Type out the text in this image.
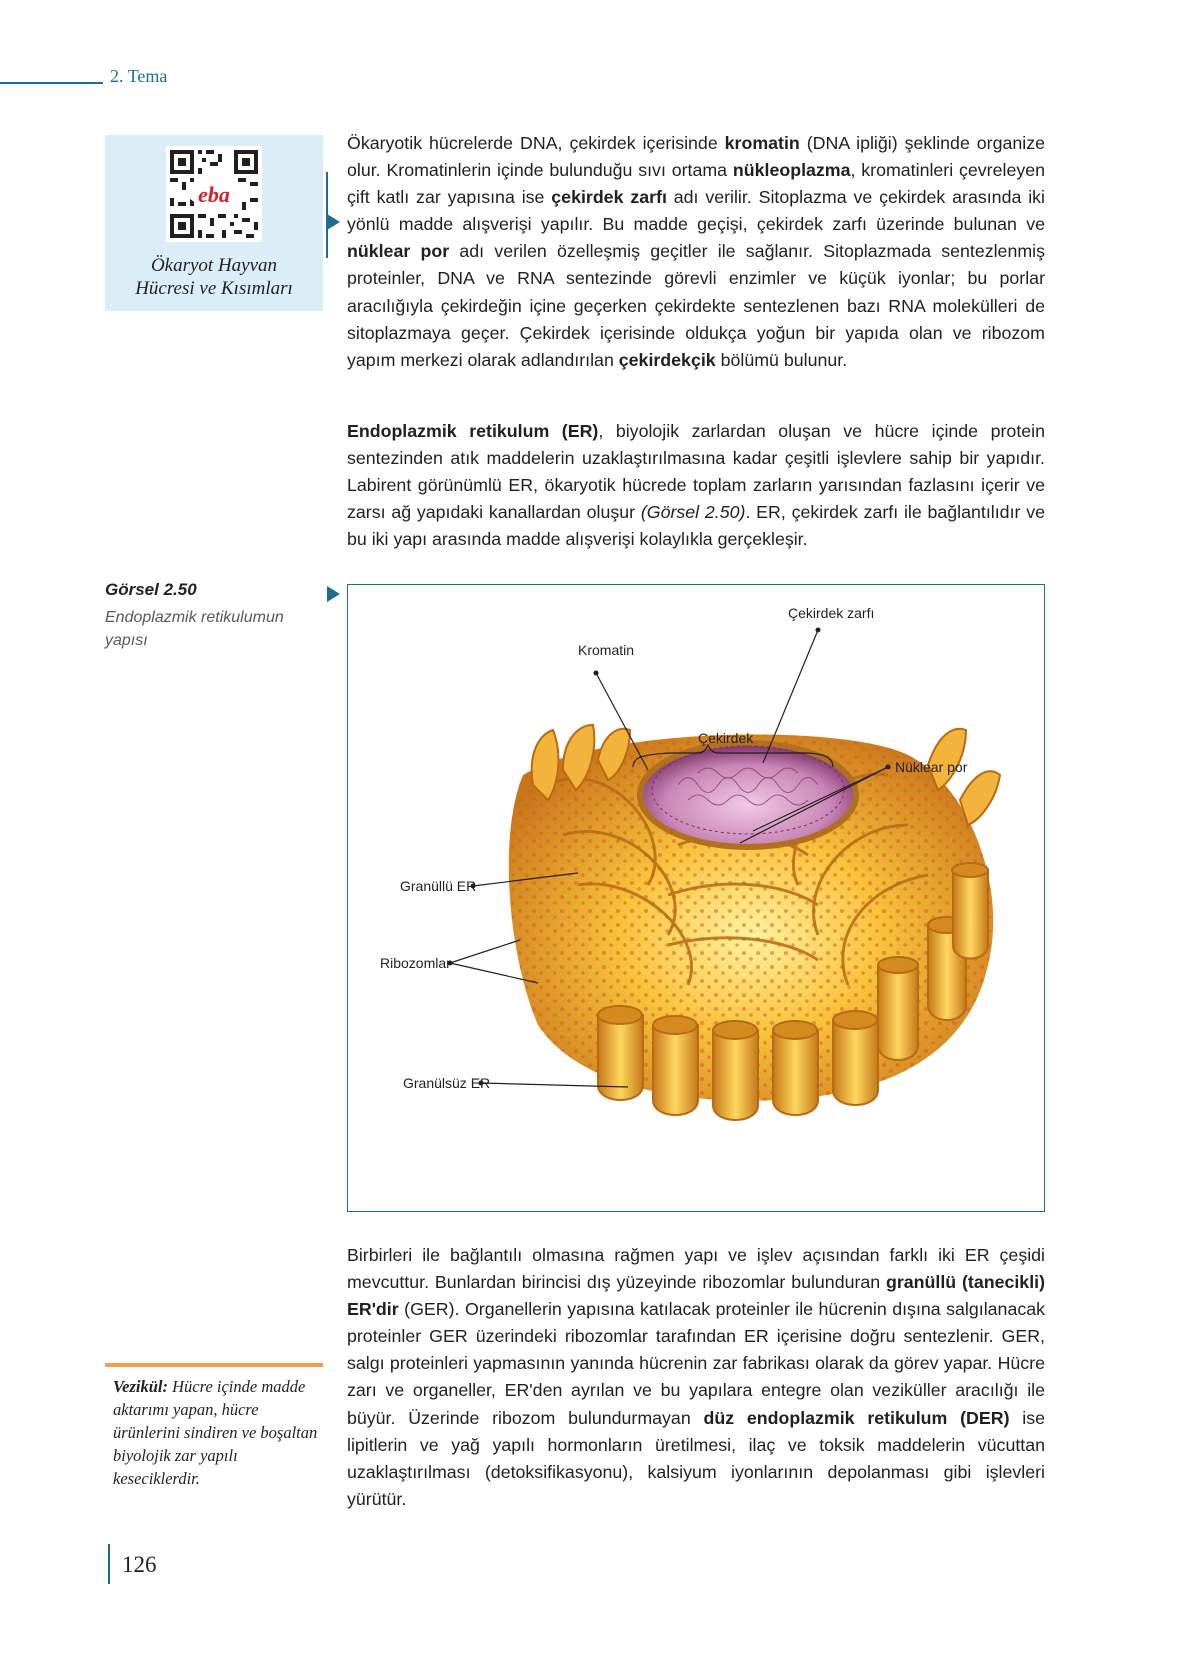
2. Tema
eba
Ökaryot Hayvan
Hücresi ve Kısımları
Ökaryotik hücrelerde DNA, çekirdek içerisinde kromatin (DNA ipliği) şeklinde organize olur. Kromatinlerin içinde bulunduğu sıvı ortama nükleoplazma, kromatinleri çevreleyen çift katlı zar yapısına ise çekirdek zarfı adı verilir. Sitoplazma ve çekirdek arasında iki yönlü madde alışverişi yapılır. Bu madde geçişi, çekirdek zarfı üzerinde bulunan ve nüklear por adı verilen özelleşmiş geçitler ile sağlanır. Sitoplazmada sentezlenmiş proteinler, DNA ve RNA sentezinde görevli enzimler ve küçük iyonlar; bu porlar aracılığıyla çekirdeğin içine geçerken çekirdekte sentezlenen bazı RNA molekülleri de sitoplazmaya geçer. Çekirdek içerisinde oldukça yoğun bir yapıda olan ve ribozom yapım merkezi olarak adlandırılan çekirdekçik bölümü bulunur.
Endoplazmik retikulum (ER), biyolojik zarlardan oluşan ve hücre içinde protein sentezinden atık maddelerin uzaklaştırılmasına kadar çeşitli işlevlere sahip bir yapıdır. Labirent görünümlü ER, ökaryotik hücrede toplam zarların yarısından fazlasını içerir ve zarsı ağ yapıdaki kanallardan oluşur (Görsel 2.50). ER, çekirdek zarfı ile bağlantılıdır ve bu iki yapı arasında madde alışverişi kolaylıkla gerçekleşir.
Görsel 2.50
Endoplazmik retikulumun yapısı
Çekirdek zarfı
Kromatin
Çekirdek
Nüklear por
Granüllü ER
Ribozomlar
Granülsüz ER
Birbirleri ile bağlantılı olmasına rağmen yapı ve işlev açısından farklı iki ER çeşidi mevcuttur. Bunlardan birincisi dış yüzeyinde ribozomlar bulunduran granüllü (tanecikli) ER'dir (GER). Organellerin yapısına katılacak proteinler ile hücrenin dışına salgılanacak proteinler GER üzerindeki ribozomlar tarafından ER içerisine doğru sentezlenir. GER, salgı proteinleri yapmasının yanında hücrenin zar fabrikası olarak da görev yapar. Hücre zarı ve organeller, ER'den ayrılan ve bu yapılara entegre olan veziküller aracılığı ile büyür. Üzerinde ribozom bulundurmayan düz endoplazmik retikulum (DER) ise lipitlerin ve yağ yapılı hormonların üretilmesi, ilaç ve toksik maddelerin vücuttan uzaklaştırılması (detoksifikasyonu), kalsiyum iyonlarının depolanması gibi işlevleri yürütür.
Vezikül: Hücre içinde madde aktarımı yapan, hücre ürünlerini sindiren ve boşaltan biyolojik zar yapılı keseciklerdir.
126
